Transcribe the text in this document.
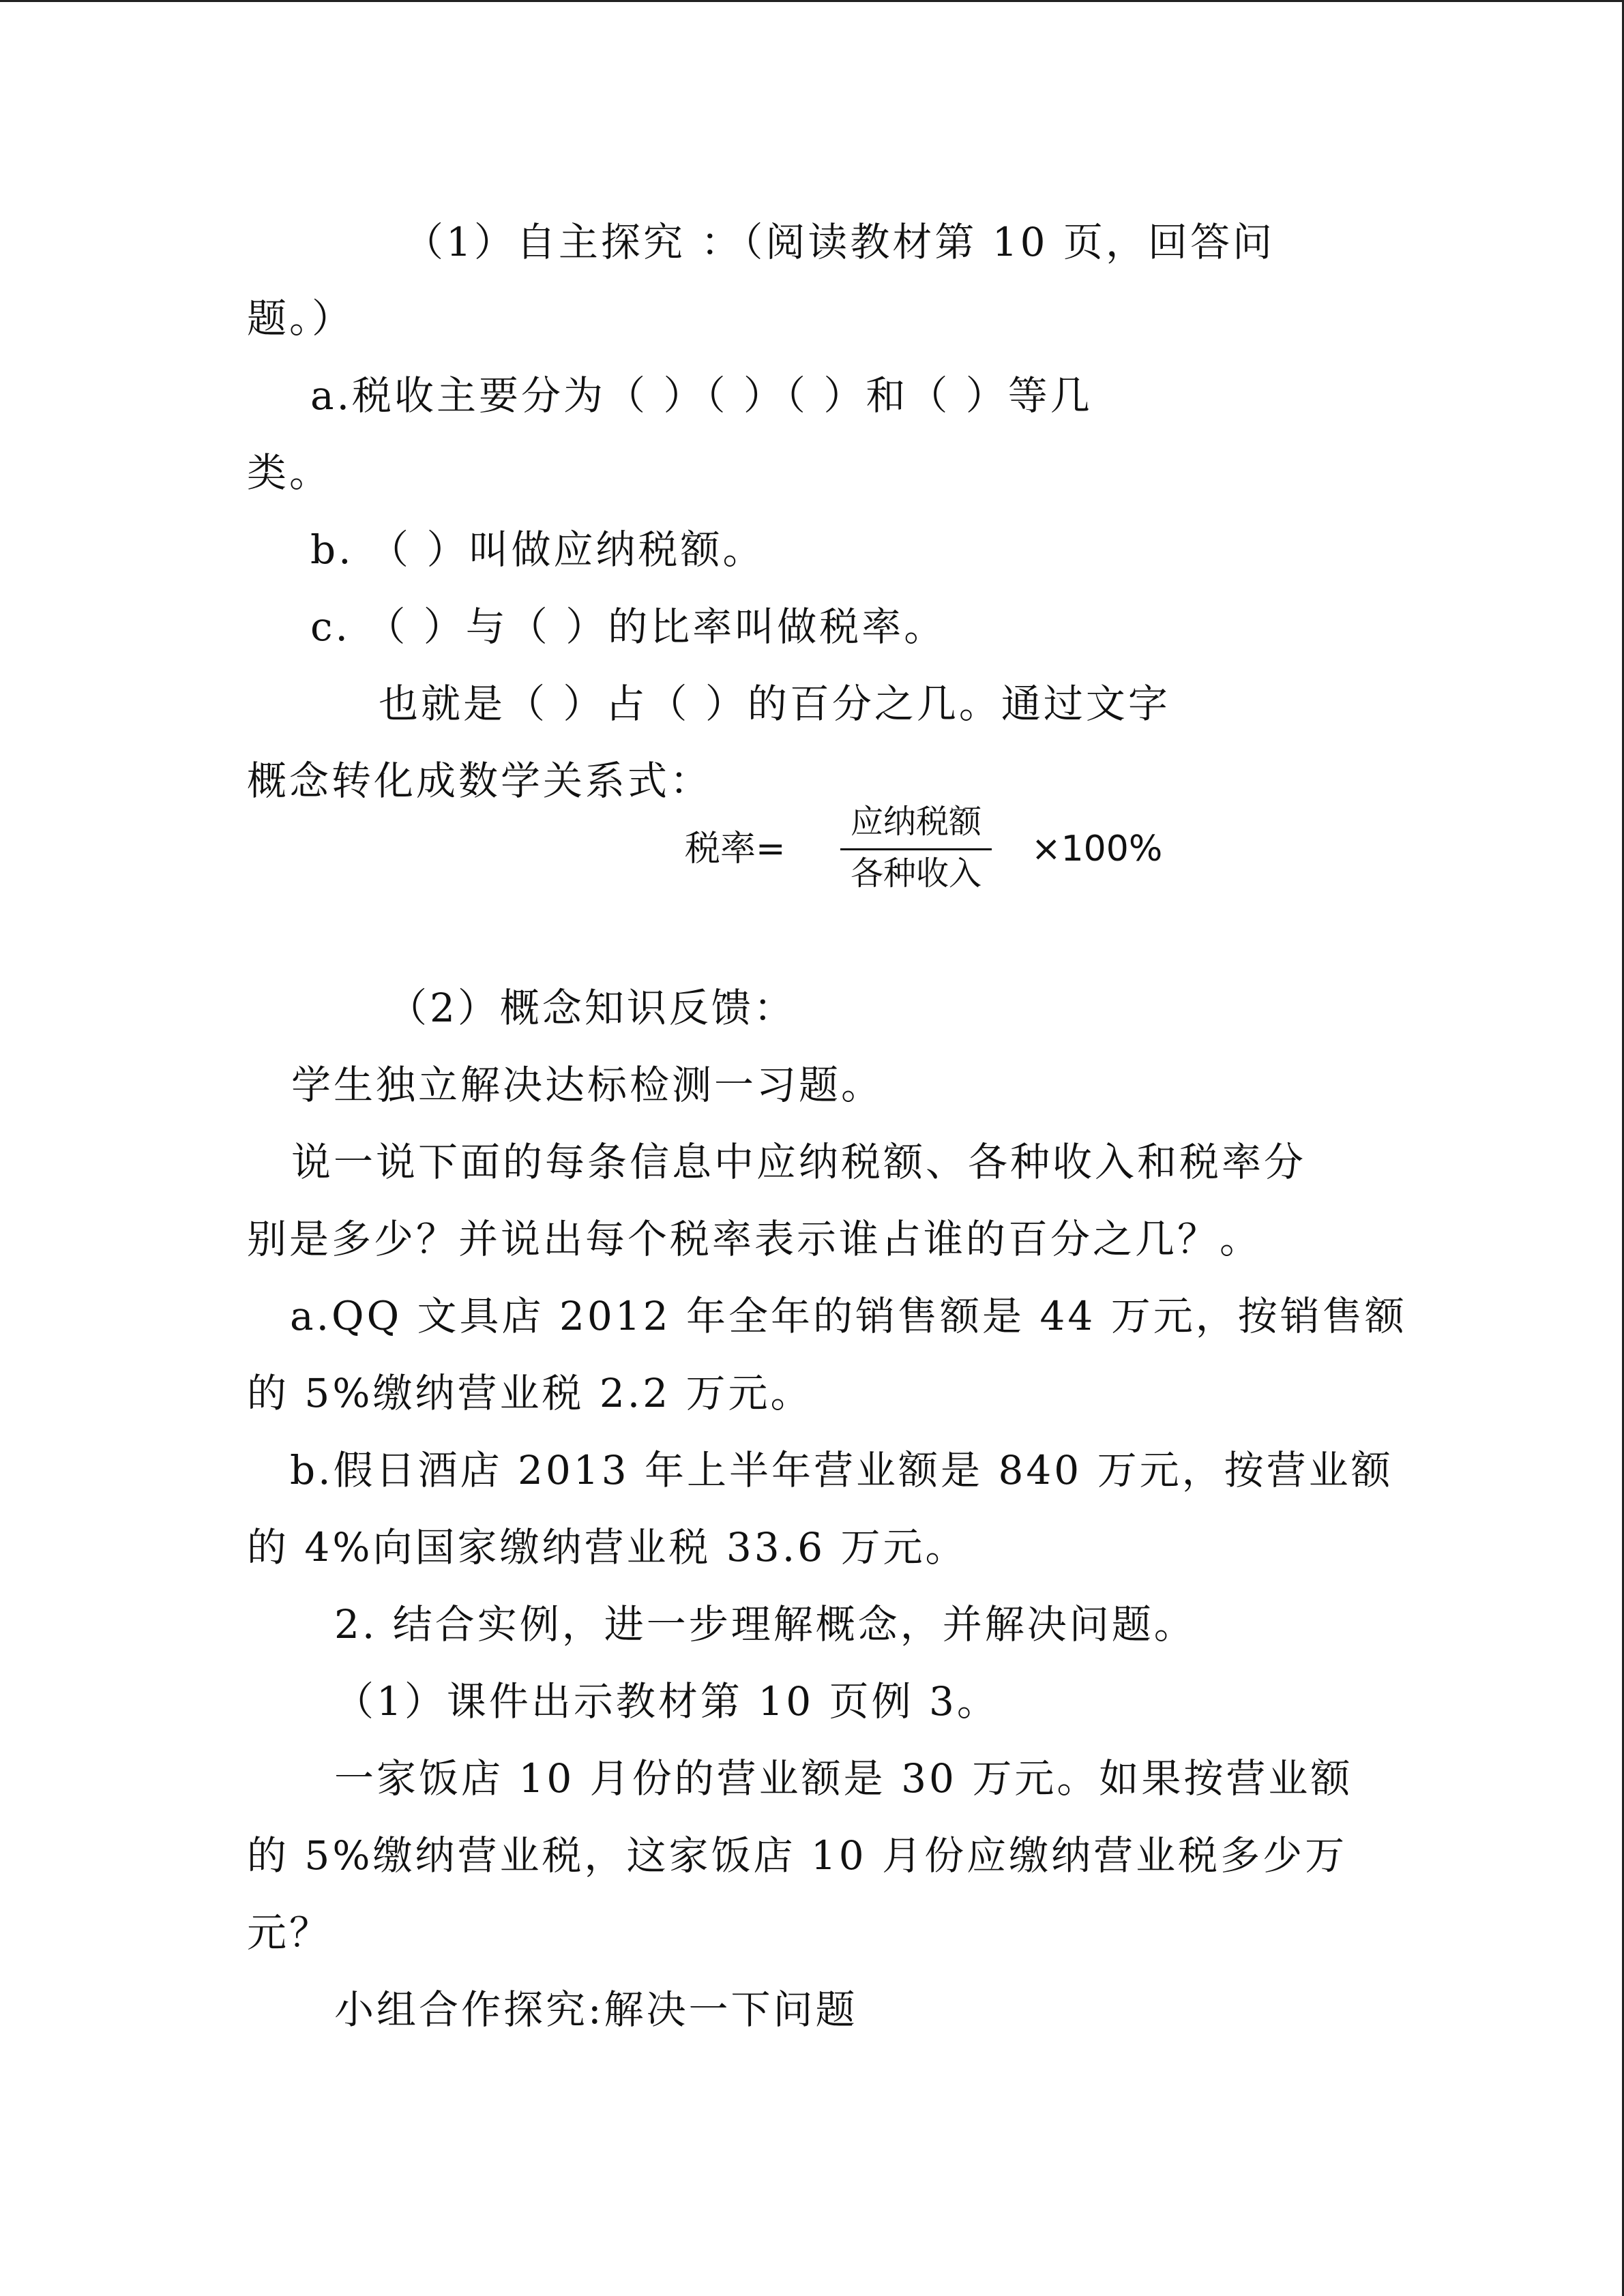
（1）自主探究 ：（阅读教材第 10 页，回答问
题。）
a.税收主要分为（ ）（ ）（ ）和（ ）等几
类。
b. （ ）叫做应纳税额。
c. （ ）与（ ）的比率叫做税率。
也就是（ ）占（ ）的百分之几。通过文字
概念转化成数学关系式：
税率=
应纳税额
各种收入
×100%
（2）概念知识反馈：
学生独立解决达标检测一习题。
说一说下面的每条信息中应纳税额、各种收入和税率分
别是多少？并说出每个税率表示谁占谁的百分之几？。
a.QQ 文具店 2012 年全年的销售额是 44 万元，按销售额
的 5%缴纳营业税 2.2 万元。
b.假日酒店 2013 年上半年营业额是 840 万元，按营业额
的 4%向国家缴纳营业税 33.6 万元。
2. 结合实例，进一步理解概念，并解决问题。
（1）课件出示教材第 10 页例 3。
一家饭店 10 月份的营业额是 30 万元。如果按营业额
的 5%缴纳营业税，这家饭店 10 月份应缴纳营业税多少万
元？
小组合作探究:解决一下问题
